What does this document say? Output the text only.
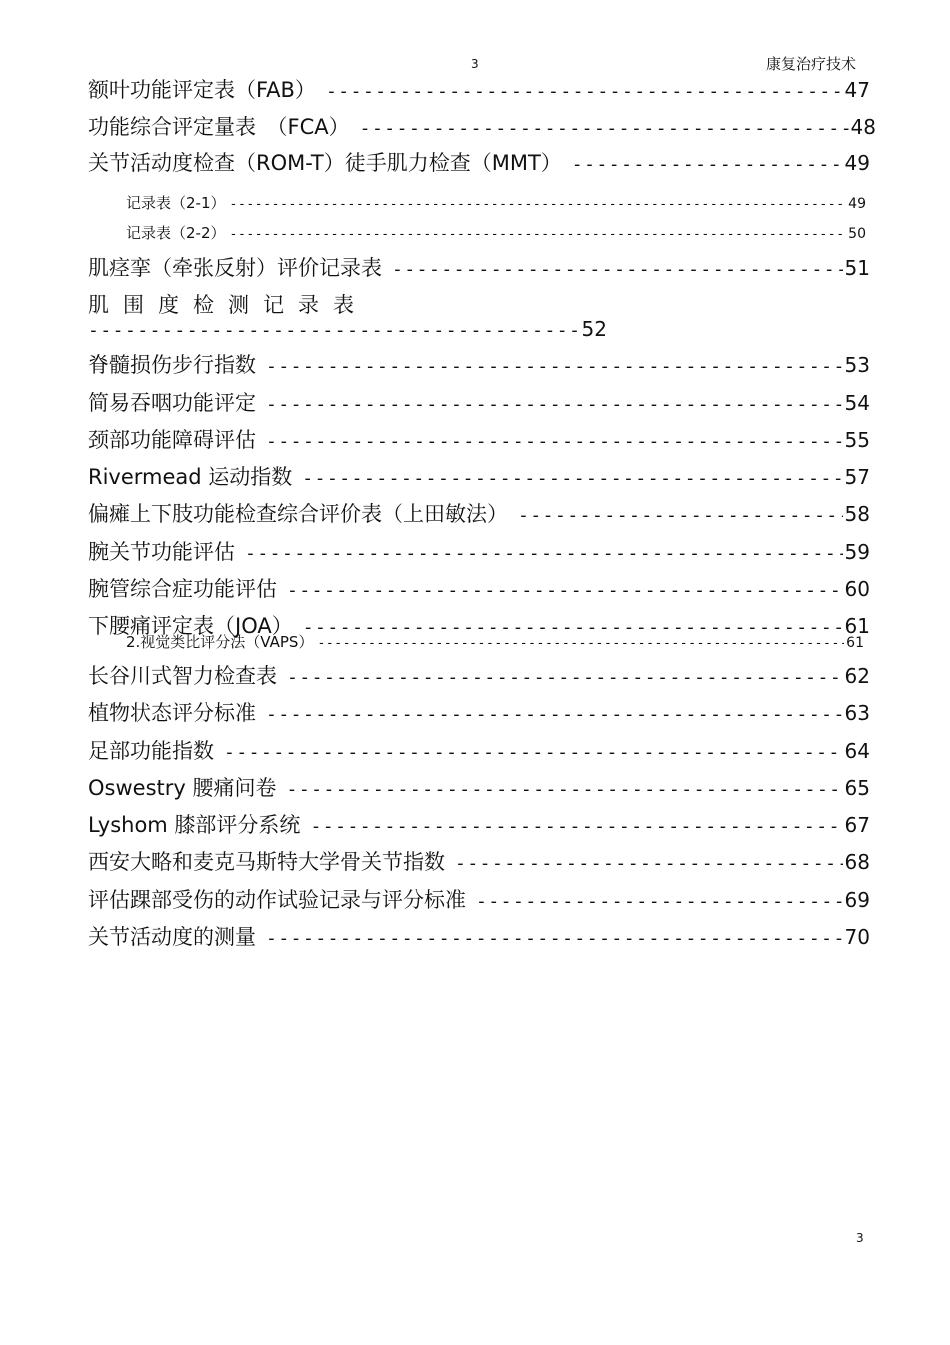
3	康复治疗技术
额叶功能评定表（FAB） -----	47
功能综合评定量表　（FCA） -----	48
关节活动度检查（ROM-T）徒手肌力检查（MMT） -----	49
记录表（2-1） -----	49
记录表（2-2） -----	50
肌痉挛（牵张反射）评价记录表 -----	51
肌围度检测记录表
----------------------------------------52
脊髓损伤步行指数 -----	53
简易吞咽功能评定 -----	54
颈部功能障碍评估 -----	55
Rivermead 运动指数 -----	57
偏瘫上下肢功能检查综合评价表（上田敏法） -----	58
腕关节功能评估 -----	59
腕管综合症功能评估 -----	60
下腰痛评定表（JOA） -----	61
2.视觉类比评分法（VAPS） -----	61
长谷川式智力检查表 -----	62
植物状态评分标准 -----	63
足部功能指数 -----	64
Oswestry 腰痛问卷 -----	65
Lyshom 膝部评分系统 -----	67
西安大略和麦克马斯特大学骨关节指数 -----	68
评估踝部受伤的动作试验记录与评分标准 -----	69
关节活动度的测量 -----	70
3
